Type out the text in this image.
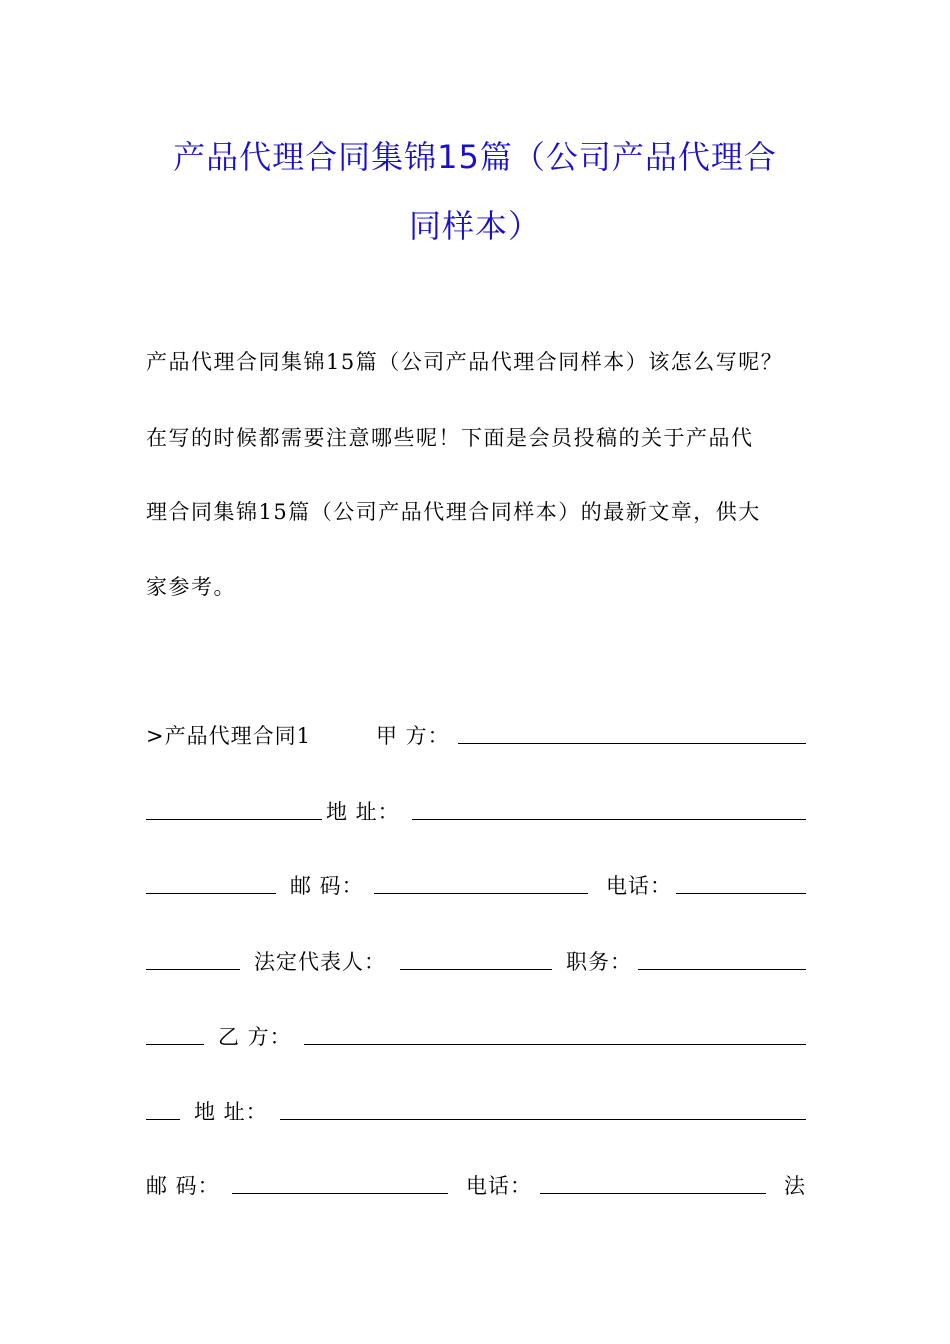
产品代理合同集锦15篇（公司产品代理合
同样本）
产品代理合同集锦15篇（公司产品代理合同样本）该怎么写呢？
在写的时候都需要注意哪些呢！下面是会员投稿的关于产品代
理合同集锦15篇（公司产品代理合同样本）的最新文章，供大
家参考。
>产品代理合同1	甲 方：
地 址：
邮 码：	电话：
法定代表人：	职务：
乙 方：
地 址：
邮 码：	电话：	法
